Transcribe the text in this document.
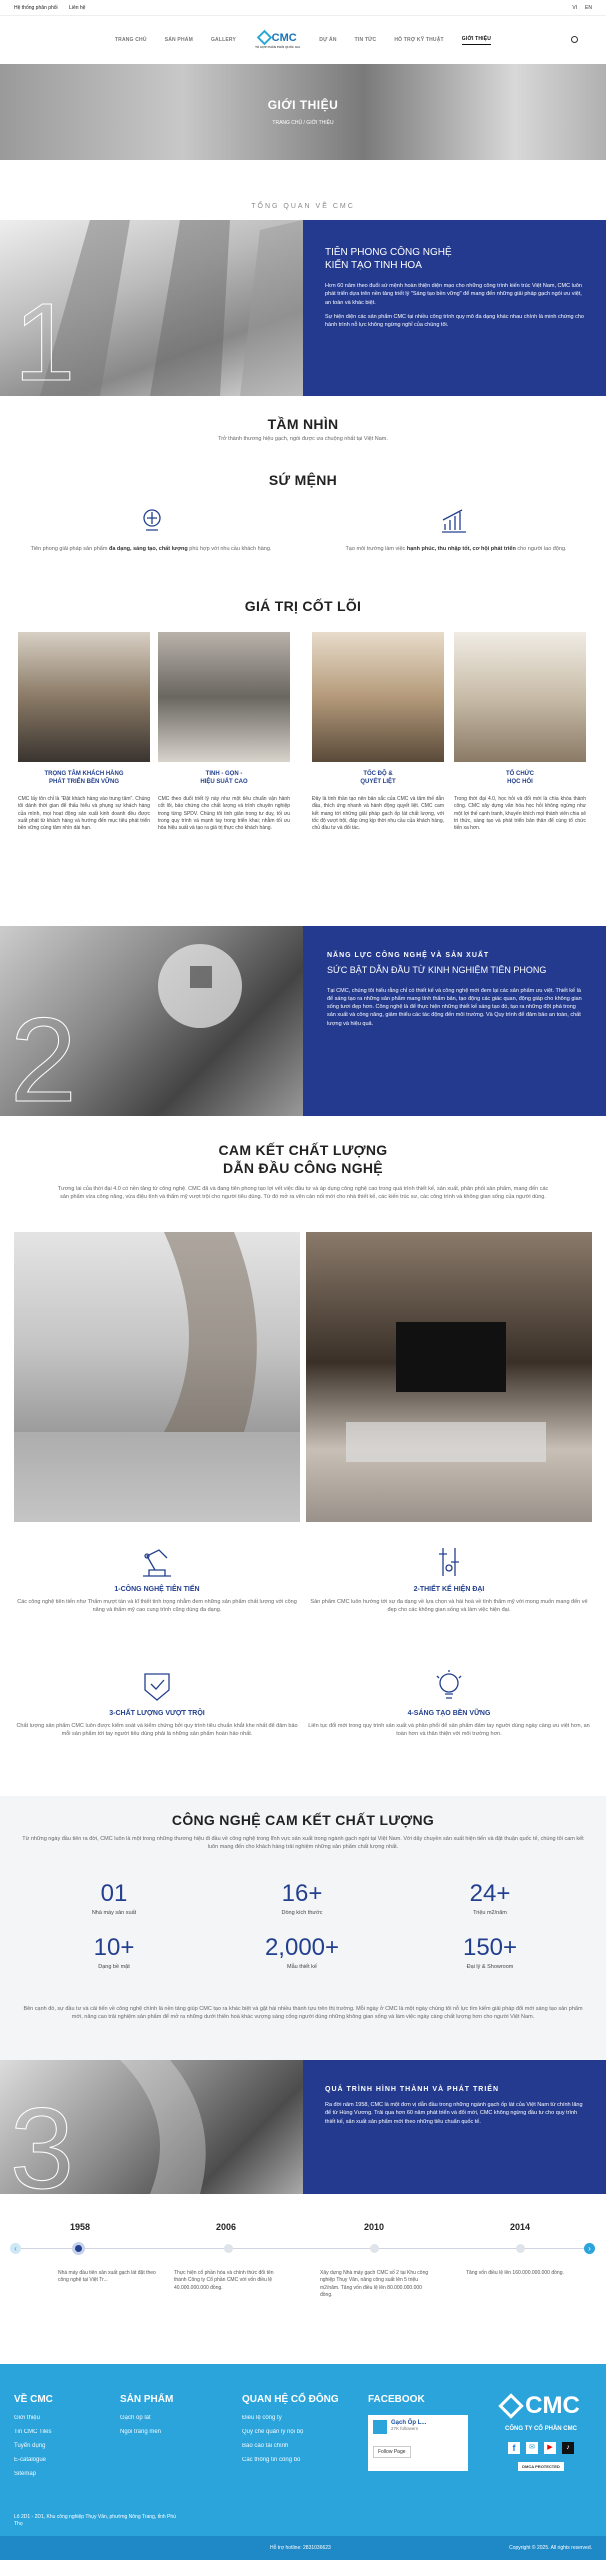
Hệ thống phân phối Liên hệ	VI EN
TRANG CHỦ	SẢN PHẨM	GALLERY	CMC
TỔ HỢP PHÂN PHỐI QUỐC GIA
DỰ ÁN	TIN TỨC	HỖ TRỢ KỸ THUẬT	GIỚI THIỆU
GIỚI THIỆU
TRANG CHỦ / GIỚI THIỆU
TỔNG QUAN VỀ CMC
1
TIÊN PHONG CÔNG NGHỆ
KIẾN TẠO TINH HOA
Hơn 60 năm theo đuổi sứ mệnh hoàn thiện diện mạo cho những công trình kiến trúc Việt Nam, CMC luôn phát triển dựa trên nền tảng triết lý "Sáng tạo bền vững" để mang đến những giải pháp gạch ngói ưu việt, an toàn và khác biệt.
Sự hiện diện các sản phẩm CMC tại nhiều công trình quy mô đa dạng khác nhau chính là minh chứng cho hành trình nỗ lực không ngừng nghỉ của chúng tôi.
TẦM NHÌN
Trở thành thương hiệu gạch, ngói được ưa chuộng nhất tại Việt Nam.
SỨ MỆNH
Tiên phong giải pháp sản phẩm đa dạng, sáng tạo, chất lượng phù hợp với nhu cầu khách hàng.	Tạo môi trường làm việc hạnh phúc, thu nhập tốt, cơ hội phát triển cho người lao động.
GIÁ TRỊ CỐT LÕI
TRỌNG TÂM KHÁCH HÀNG
PHÁT TRIỂN BỀN VỮNG
CMC lấy tôn chỉ là "Đặt khách hàng vào trung tâm". Chúng tôi dành thời gian để thấu hiểu và phụng sự khách hàng của mình, mọi hoạt động sản xuất kinh doanh đều được xuất phát từ khách hàng và hướng đến mục tiêu phát triển bền vững cùng tâm nhìn dài hạn.
TINH - GỌN -
HIỆU SUẤT CAO
CMC theo đuổi triết lý này như một tiêu chuẩn vận hành cốt lõi, bảo chứng cho chất lượng và trình chuyên nghiệp trong từng SPDV. Chúng tôi tinh giản trong tư duy, tối ưu trong quy trình và mạnh tay trong triển khai; nhằm tối ưu hóa hiệu suất và tạo ra giá trị thực cho khách hàng.
TỐC ĐỘ &
QUYẾT LIỆT
Đây là tinh thần tạo nên bản sắc của CMC và tâm thế dẫn đầu, thích ứng nhanh và hành động quyết liệt. CMC cam kết mang tới những giải pháp gạch ốp lát chất lượng, với tốc độ vượt trội, đáp ứng kịp thời nhu cầu của khách hàng, chủ đầu tư và đối tác.
TỔ CHỨC
HỌC HỎI
Trong thời đại 4.0, học hỏi và đổi mới là chìa khóa thành công. CMC xây dựng văn hóa học hỏi không ngừng như một lợi thế cạnh tranh, khuyến khích mọi thành viên chia sẻ tri thức, sáng tạo và phát triển bản thân để cùng tổ chức tiến xa hơn.
2
NĂNG LỰC CÔNG NGHỆ VÀ SẢN XUẤT
SỨC BẬT DẪN ĐẦU TỪ KINH NGHIỆM TIÊN PHONG
Tại CMC, chúng tôi hiểu rằng chỉ có thiết kế và công nghệ mới đem lại các sản phẩm ưu việt. Thiết kế là để sáng tạo ra những sản phẩm mang tính thẩm bản, tạo động các giác quan, động giáp cho không gian sống tươi đẹp hơn. Công nghệ là để thực hiện những thiết kế sáng tạo đó, tạo ra những đột phá trong sản xuất và công năng, giảm thiểu các tác động đến môi trường. Và Quy trình để đảm bảo an toàn, chất lượng và hiệu quả.
CAM KẾT CHẤT LƯỢNG
DẪN ĐẦU CÔNG NGHỆ
Tương lai của thời đại 4.0 có nền tảng từ công nghệ. CMC đã và đang tiên phong tạo lợi vết việc đầu tư và áp dụng công nghệ cao trong quá trình thiết kế, sản xuất, phân phối sản phẩm, mang đến các sản phẩm vừa công năng, vừa điệu tính và thẩm mỹ vượt trội cho người tiêu dùng. Từ đó mở ra vẽn cản nối mới cho nhà thiết kế, các kiến trúc sư, các công trình và không gian sống của người dùng.
1-CÔNG NGHỆ TIÊN TIẾN
Các công nghệ tiên tiến như Thẩm mựợt tán và kĩ thiết tinh trọng nhằm đem những sản phẩm chất lượng với công năng và thẩm mỹ cao cung trình cũng dùng đa dạng.
2-THIẾT KẾ HIỆN ĐẠI
Sản phẩm CMC luôn hướng tới sự đa dạng về lựa chọn và hài hoà về tính thẩm mỹ với mong muốn mang đến vẻ đẹp cho các không gian sống và làm việc hiện đại.
3-CHẤT LƯỢNG VƯỢT TRỘI
Chất lượng sản phẩm CMC luôn được kiểm soát và kiểm chứng bởi quy trình tiêu chuẩn khắt khe nhất để đảm bảo mỗi sản phẩm tới tay người tiêu dùng phải là những sản phẩm hoàn hảo nhất.
4-SÁNG TẠO BỀN VỮNG
Liên tục đổi mới trong quy trình sản xuất và phân phối để sản phẩm đảm tay người dùng ngày càng ưu việt hơn, an toàn hơn và thân thiện với môi trường hơn.
CÔNG NGHỆ CAM KẾT CHẤT LƯỢNG
Từ những ngày đầu tiên ra đời, CMC luôn là một trong những thương hiệu đi đầu về công nghệ trong lĩnh vực sản xuất trong ngành gạch ngói tại Việt Nam. Với dây chuyền sản xuất hiện tiến và đặt thuận quốc tế, chúng tôi cam kết luôn mang đến cho khách hàng trải nghiệm những sản phẩm chất lượng nhất.
01
Nhà máy sản xuất
16+
Dòng kích thước
24+
Triệu m2/năm
10+
Dạng bề mặt
2,000+
Mẫu thiết kế
150+
Đại lý & Showroom
Bên cạnh đó, sự đầu tư và cải tiến về công nghệ chính là nền tảng giúp CMC tạo ra khác biệt và gặt hái nhiều thành tựu trên thị trường. Mỗi ngày ở CMC là một ngày chúng tôi nỗ lực tìm kiếm giải pháp đổi mới sáng tạo sản phẩm mới, nâng cao trải nghiệm sản phẩm để mở ra những dưới thiên hoà khác vượng sáng cống người dùng những không gian sống và làm việc ngày càng chất lượng hơn cho người Việt Nam.
3	QUÁ TRÌNH HÌNH THÀNH VÀ PHÁT TRIỂN
Ra đời năm 1958, CMC là một đơn vị dẫn đầu trong những ngành gạch ốp lát của Việt Nam từ chính lãng để từ Hùng Vương. Trải qua hơn 60 năm phát triển và đổi mới, CMC không ngừng đầu tư cho quy trình thiết kế, sản xuất sản phẩm mới theo những tiêu chuẩn quốc tế.
‹	›
1958
Nhà máy đầu tiên sản xuất gạch lát đặt theo công nghệ tại Việt Tr...
2006
Thực hiện cổ phần hóa và chính thức đổi tên thành Công ty Cổ phần CMC với vốn điều lệ 40.000.000.000 đồng.
2010
Xây dựng Nhà máy gạch CMC số 2 tại Khu công nghiệp Thụy Vân, nâng công suất lên 5 triệu m2/năm. Tăng vốn điều lệ lên 80.000.000.000 đồng.
2014
Tăng vốn điều lệ lên 160.000.000.000 đồng.
VỀ CMC
Giới thiệu
Tin CMC Tiles
Tuyển dụng
E-catalogue
Sitemap
SẢN PHẨM
Gạch ốp lát
Ngói tráng men
QUAN HỆ CỔ ĐÔNG
Điều lệ công ty
Quy chế quản lý nội bộ
Báo cáo tài chính
Các thông tin công bố
FACEBOOK
Gạch Ốp L...
27K followers
Follow Page
CMC
CÔNG TY CỔ PHẦN CMC
f	✉	▶	♪
DMCA PROTECTED
Lô 2D1 - 2D1, Khu công nghiệp Thụy Vân, phường Nông Trang, tỉnh Phú Thọ
Hỗ trợ hotline: 2831036623	Copyright © 2025. All rights reserved.
